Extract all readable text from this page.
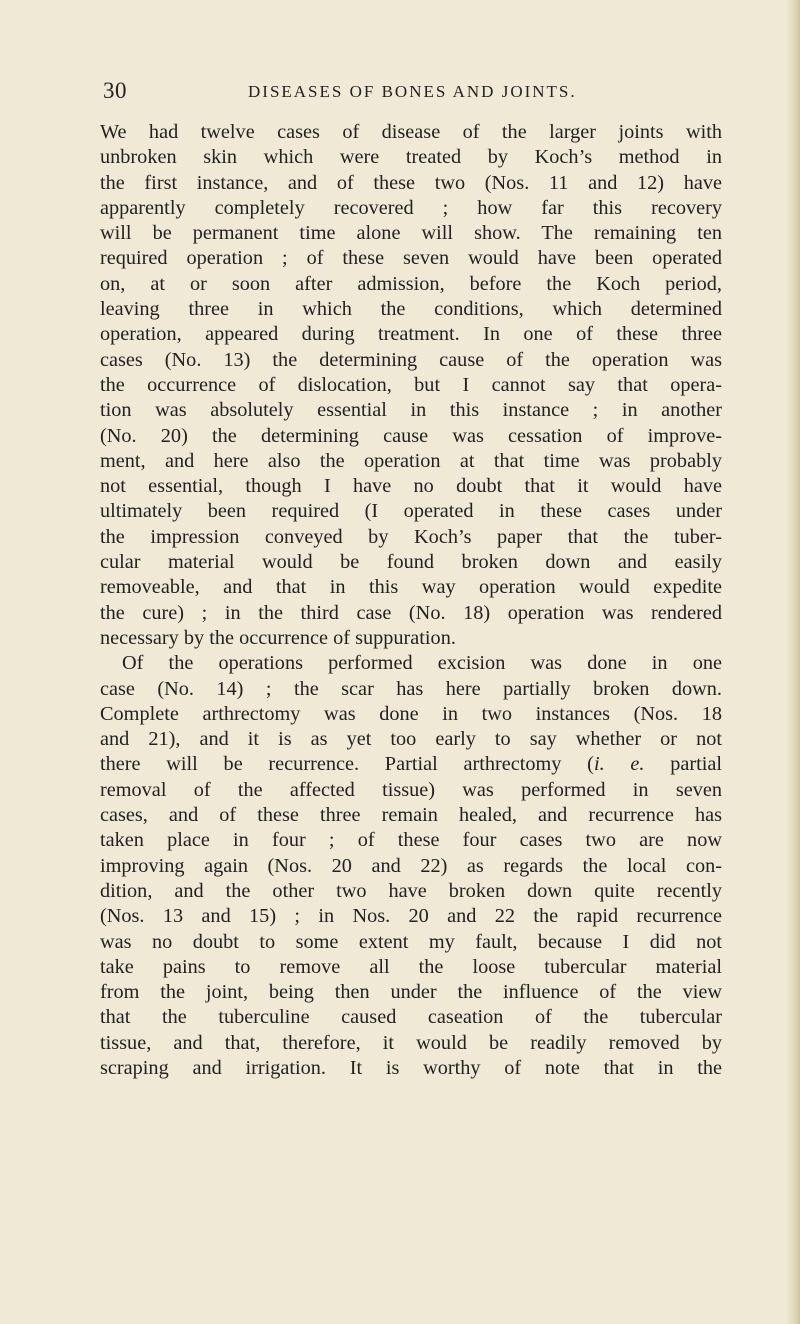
30	DISEASES OF BONES AND JOINTS.
We had twelve cases of disease of the larger joints with
unbroken skin which were treated by Koch’s method in
the first instance, and of these two (Nos. 11 and 12) have
apparently completely recovered ; how far this recovery
will be permanent time alone will show. The remaining ten
required operation ; of these seven would have been operated
on, at or soon after admission, before the Koch period,
leaving three in which the conditions, which determined
operation, appeared during treatment. In one of these three
cases (No. 13) the determining cause of the operation was
the occurrence of dislocation, but I cannot say that opera-
tion was absolutely essential in this instance ; in another
(No. 20) the determining cause was cessation of improve-
ment, and here also the operation at that time was probably
not essential, though I have no doubt that it would have
ultimately been required (I operated in these cases under
the impression conveyed by Koch’s paper that the tuber-
cular material would be found broken down and easily
removeable, and that in this way operation would expedite
the cure) ; in the third case (No. 18) operation was rendered
necessary by the occurrence of suppuration.
Of the operations performed excision was done in one
case (No. 14) ; the scar has here partially broken down.
Complete arthrectomy was done in two instances (Nos. 18
and 21), and it is as yet too early to say whether or not
there will be recurrence. Partial arthrectomy (i. e. partial
removal of the affected tissue) was performed in seven
cases, and of these three remain healed, and recurrence has
taken place in four ; of these four cases two are now
improving again (Nos. 20 and 22) as regards the local con-
dition, and the other two have broken down quite recently
(Nos. 13 and 15) ; in Nos. 20 and 22 the rapid recurrence
was no doubt to some extent my fault, because I did not
take pains to remove all the loose tubercular material
from the joint, being then under the influence of the view
that the tuberculine caused caseation of the tubercular
tissue, and that, therefore, it would be readily removed by
scraping and irrigation. It is worthy of note that in the
